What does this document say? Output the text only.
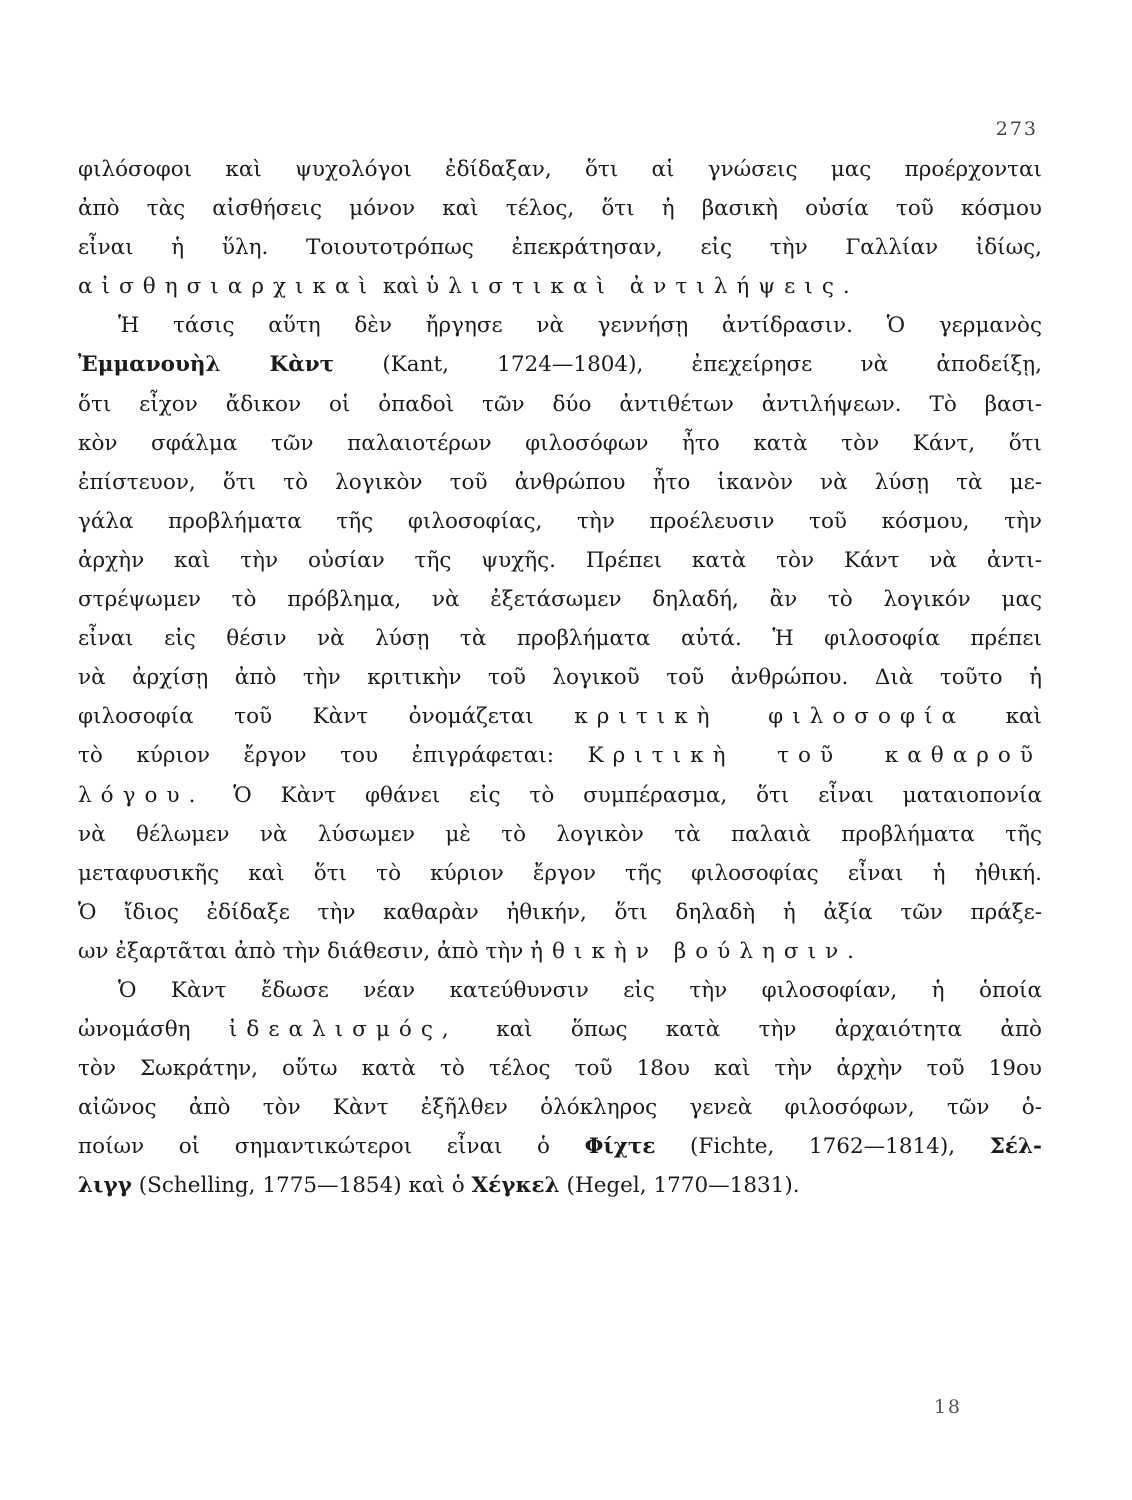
273
φιλόσοφοι καὶ ψυχολόγοι ἐδίδαξαν, ὅτι αἱ γνώσεις μας προέρχονται
ἀπὸ τὰς αἰσθήσεις μόνον καὶ τέλος, ὅτι ἡ βασικὴ οὐσία τοῦ κόσμου
εἶναι ἡ ὕλη. Τοιουτοτρόπως ἐπεκράτησαν, εἰς τὴν Γαλλίαν ἰδίως,
αἰσθησιαρχικαὶ καὶ ὑλιστικαὶ ἀντιλήψεις.
Ἡ τάσις αὕτη δὲν ἤργησε νὰ γεννήσῃ ἀντίδρασιν. Ὁ γερμανὸς
Ἐμμανουὴλ Κὰντ (Kant, 1724—1804), ἐπεχείρησε νὰ ἀποδείξῃ,
ὅτι εἶχον ἄδικον οἱ ὀπαδοὶ τῶν δύο ἀντιθέτων ἀντιλήψεων. Τὸ βασι-
κὸν σφάλμα τῶν παλαιοτέρων φιλοσόφων ἦτο κατὰ τὸν Κάντ, ὅτι
ἐπίστευον, ὅτι τὸ λογικὸν τοῦ ἀνθρώπου ἦτο ἱκανὸν νὰ λύσῃ τὰ με-
γάλα προβλήματα τῆς φιλοσοφίας, τὴν προέλευσιν τοῦ κόσμου, τὴν
ἀρχὴν καὶ τὴν οὐσίαν τῆς ψυχῆς. Πρέπει κατὰ τὸν Κάντ νὰ ἀντι-
στρέψωμεν τὸ πρόβλημα, νὰ ἐξετάσωμεν δηλαδή, ἂν τὸ λογικόν μας
εἶναι εἰς θέσιν νὰ λύσῃ τὰ προβλήματα αὐτά. Ἡ φιλοσοφία πρέπει
νὰ ἀρχίσῃ ἀπὸ τὴν κριτικὴν τοῦ λογικοῦ τοῦ ἀνθρώπου. Διὰ τοῦτο ἡ
φιλοσοφία τοῦ Κὰντ ὀνομάζεται κριτικὴ φιλοσοφία καὶ
τὸ κύριον ἔργον του ἐπιγράφεται: Κριτικὴ τοῦ καθαροῦ
λόγου. Ὁ Κὰντ φθάνει εἰς τὸ συμπέρασμα, ὅτι εἶναι ματαιοπονία
νὰ θέλωμεν νὰ λύσωμεν μὲ τὸ λογικὸν τὰ παλαιὰ προβλήματα τῆς
μεταφυσικῆς καὶ ὅτι τὸ κύριον ἔργον τῆς φιλοσοφίας εἶναι ἡ ἠθική.
Ὁ ἴδιος ἐδίδαξε τὴν καθαρὰν ἠθικήν, ὅτι δηλαδὴ ἡ ἀξία τῶν πράξε-
ων ἐξαρτᾶται ἀπὸ τὴν διάθεσιν, ἀπὸ τὴν ἠθικὴν βούλησιν.
Ὁ Κὰντ ἔδωσε νέαν κατεύθυνσιν εἰς τὴν φιλοσοφίαν, ἡ ὁποία
ὠνομάσθη ἰδεαλισμός, καὶ ὅπως κατὰ τὴν ἀρχαιότητα ἀπὸ
τὸν Σωκράτην, οὕτω κατὰ τὸ τέλος τοῦ 18ου καὶ τὴν ἀρχὴν τοῦ 19ου
αἰῶνος ἀπὸ τὸν Κὰντ ἐξῆλθεν ὁλόκληρος γενεὰ φιλοσόφων, τῶν ὁ-
ποίων οἱ σημαντικώτεροι εἶναι ὁ Φίχτε (Fichte, 1762—1814), Σέλ-
λιγγ (Schelling, 1775—1854) καὶ ὁ Χέγκελ (Hegel, 1770—1831).
18
